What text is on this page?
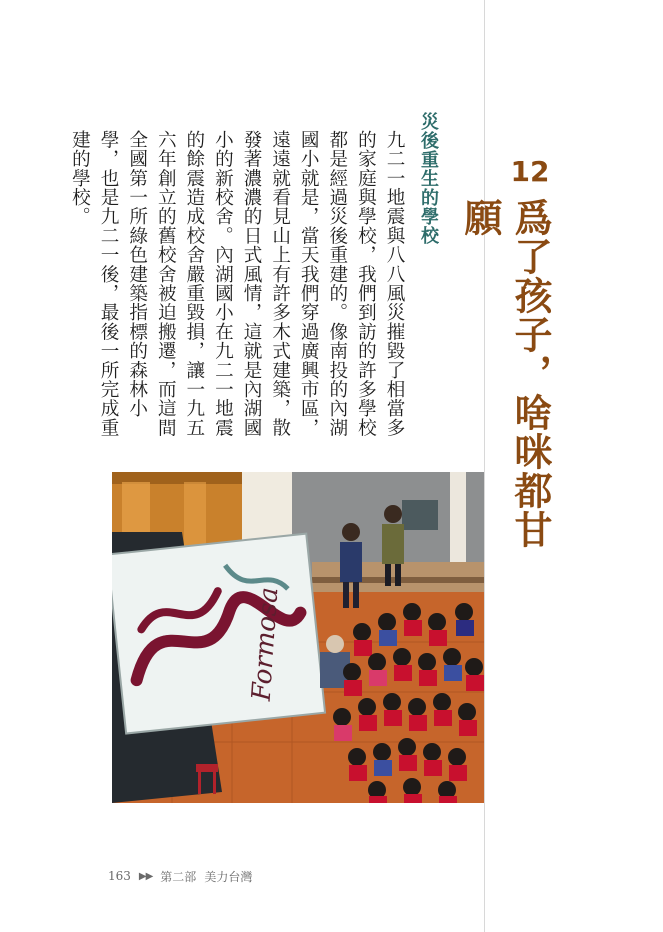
12
爲了孩子，啥咪都甘願
災後重生的學校
九二一地震與八八風災摧毀了相當多的家庭與學校，我們到訪的許多學校都是經過災後重建的。像南投的內湖國小就是，當天我們穿過廣興市區，遠遠就看見山上有許多木式建築，散發著濃濃的日式風情，這就是內湖國小的新校舍。內湖國小在九二一地震的餘震造成校舍嚴重毀損，讓一九五六年創立的舊校舍被迫搬遷，而這間全國第一所綠色建築指標的森林小學，也是九二一後，最後一所完成重建的學校。
Formosa
163 ▶▶ 第二部 美力台灣
